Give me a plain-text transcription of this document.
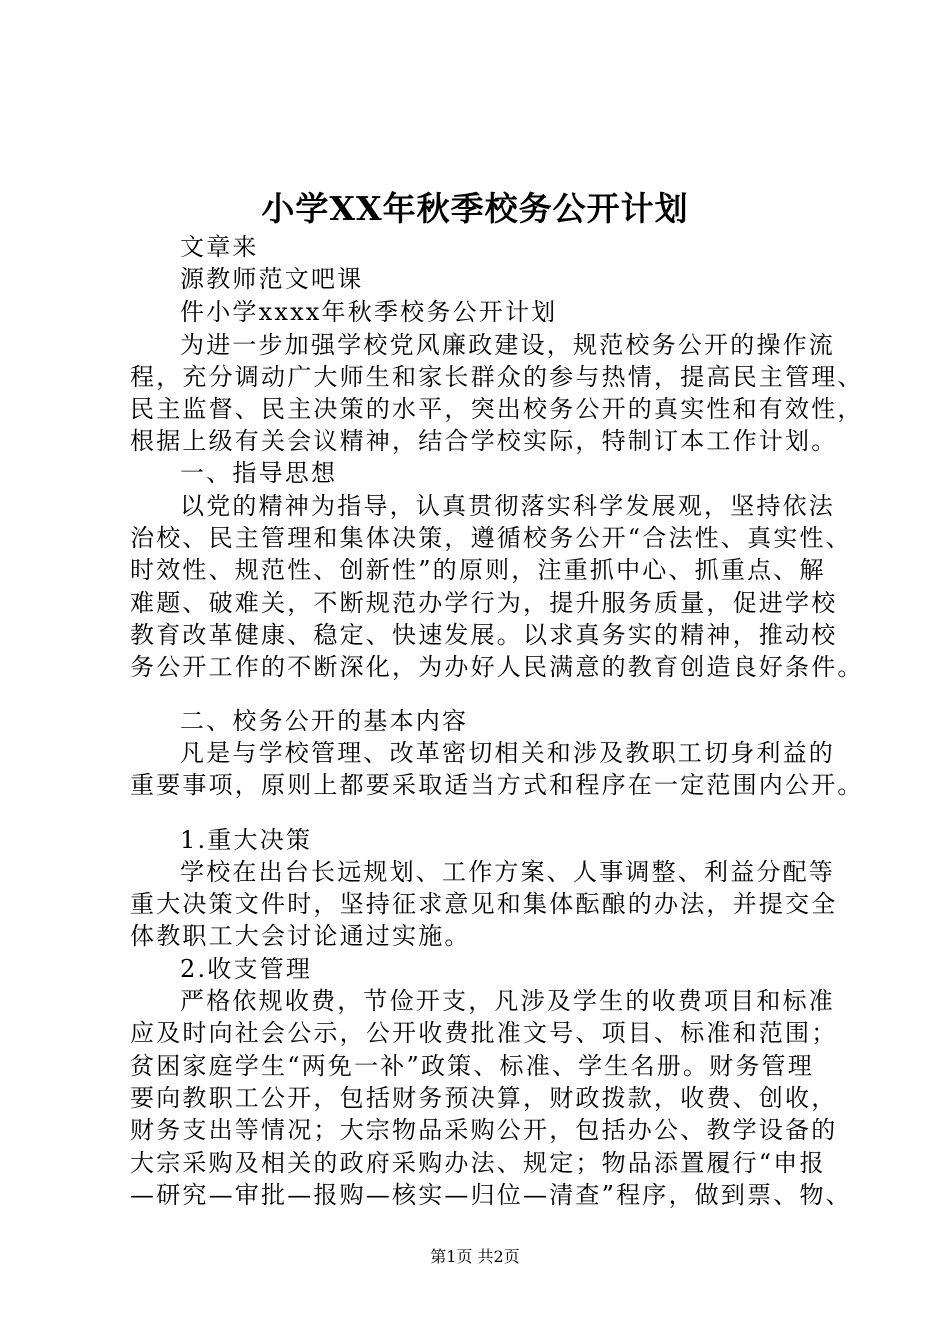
小学XX年秋季校务公开计划
文章来
源教师范文吧课
件小学xxxx年秋季校务公开计划
为进一步加强学校党风廉政建设，规范校务公开的操作流
程，充分调动广大师生和家长群众的参与热情，提高民主管理、
民主监督、民主决策的水平，突出校务公开的真实性和有效性，
根据上级有关会议精神，结合学校实际，特制订本工作计划。
一、指导思想
以党的精神为指导，认真贯彻落实科学发展观，坚持依法
治校、民主管理和集体决策，遵循校务公开“合法性、真实性、
时效性、规范性、创新性”的原则，注重抓中心、抓重点、解
难题、破难关，不断规范办学行为，提升服务质量，促进学校
教育改革健康、稳定、快速发展。以求真务实的精神，推动校
务公开工作的不断深化，为办好人民满意的教育创造良好条件。
二、校务公开的基本内容
凡是与学校管理、改革密切相关和涉及教职工切身利益的
重要事项，原则上都要采取适当方式和程序在一定范围内公开。
1.重大决策
学校在出台长远规划、工作方案、人事调整、利益分配等
重大决策文件时，坚持征求意见和集体酝酿的办法，并提交全
体教职工大会讨论通过实施。
2.收支管理
严格依规收费，节俭开支，凡涉及学生的收费项目和标准
应及时向社会公示，公开收费批准文号、项目、标准和范围；
贫困家庭学生“两免一补”政策、标准、学生名册。财务管理
要向教职工公开，包括财务预决算，财政拨款，收费、创收，
财务支出等情况；大宗物品采购公开，包括办公、教学设备的
大宗采购及相关的政府采购办法、规定；物品添置履行“申报
—研究—审批—报购—核实—归位—清查”程序，做到票、物、
第1页 共2页
